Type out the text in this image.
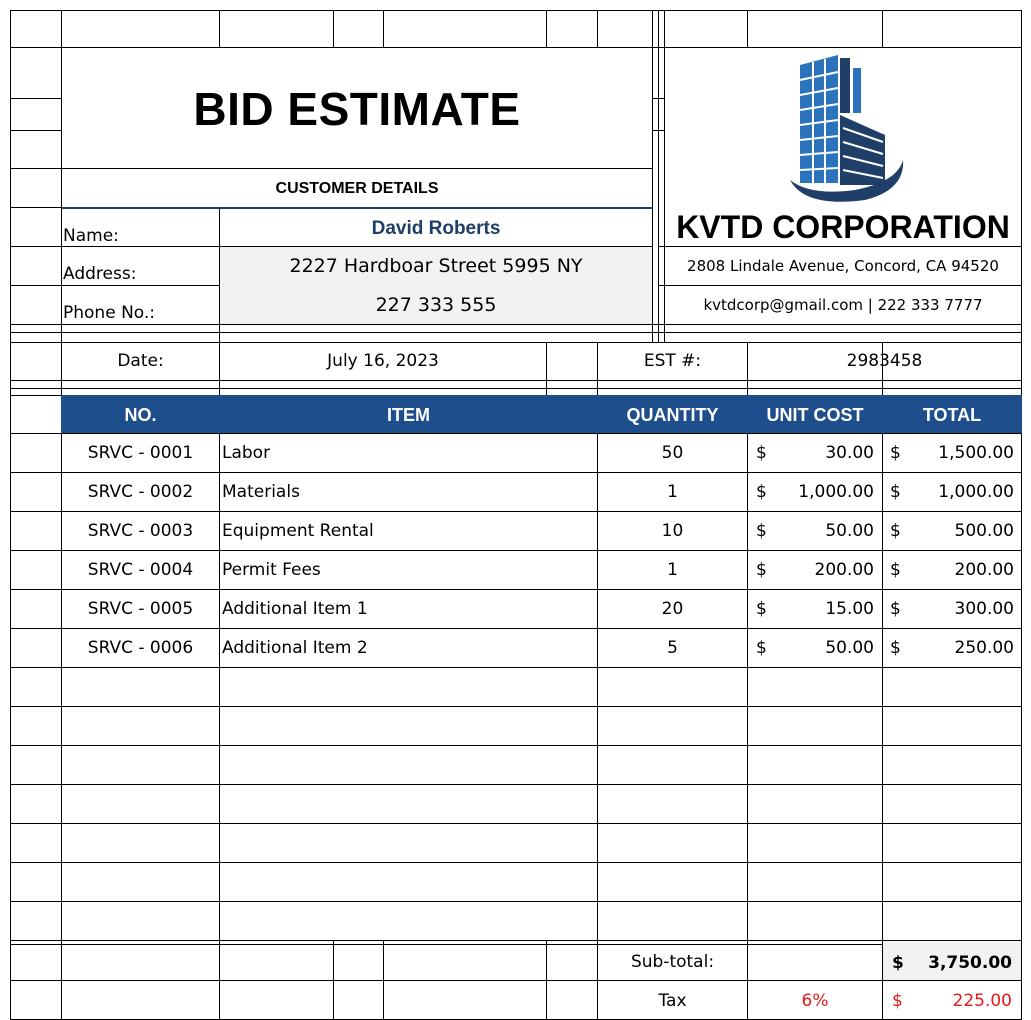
BID ESTIMATE
CUSTOMER DETAILS
Name:	David Roberts
Address:	2227 Hardboar Street 5995 NY
Phone No.:	227 333 555
KVTD CORPORATION
2808 Lindale Avenue, Concord, CA 94520
kvtdcorp@gmail.com | 222 333 7777
Date:	July 16, 2023	EST #:	2983458
NO.	ITEM	QUANTITY	UNIT COST	TOTAL
SRVC - 0001	Labor	50	$	30.00 $	1,500.00
SRVC - 0002	Materials	1	$	1,000.00 $	1,000.00
SRVC - 0003	Equipment Rental	10	$	50.00 $	500.00
SRVC - 0004	Permit Fees	1	$	200.00 $	200.00
SRVC - 0005	Additional Item 1	20	$	15.00 $	300.00
SRVC - 0006	Additional Item 2	5	$	50.00 $	250.00
Sub-total:	$	3,750.00
Tax	6%	$	225.00
